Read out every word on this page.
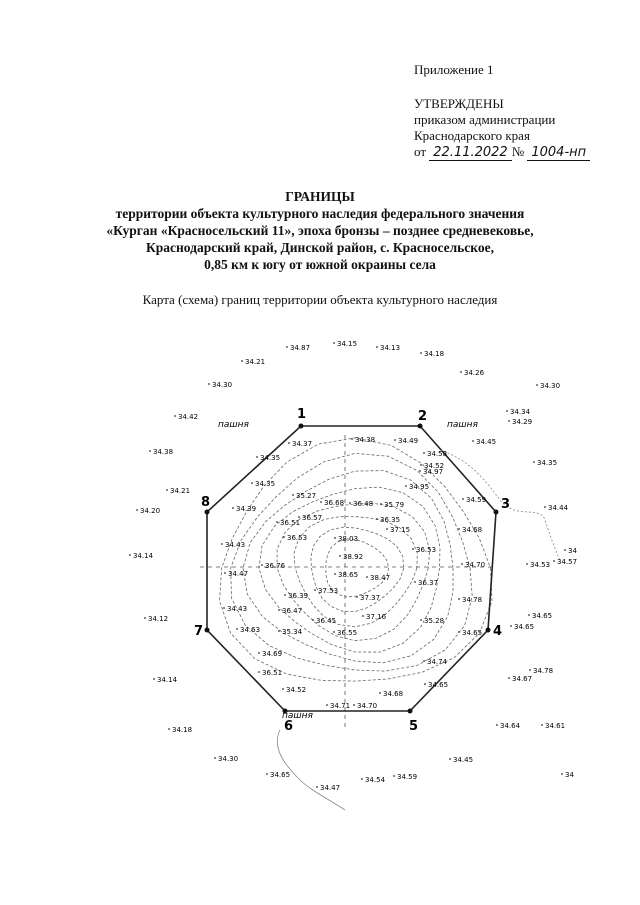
Приложение 1
УТВЕРЖДЕНЫ
приказом администрации
Краснодарского края
от 22.11.2022 № 1004-нп
ГРАНИЦЫ
территории объекта культурного наследия федерального значения
«Курган «Красносельский 11», эпоха бронзы – позднее средневековье,
Краснодарский край, Динской район, с. Красносельское,
0,85 км к югу от южной окраины села
Карта (схема) границ территории объекта культурного наследия
1	2
3
4
5
6
7
8
34.87	34.15	34.13
34.18
34.21
34.26
34.30	34.30
34.34
34.29
34.42
34.45
34.38
34.35
34.21
34.20	34.44
34.14
34.53 34.57
34
34.12	34.65
34.65
34.14	34.67
34.78
34.18	34.64	34.61
34.30
34.65
34.45
34.54 34.59
34.47
34
34.37	34.38	34.49
34.58
34.35
34.52
34.97
34.95
34.35
35.27
36.68 36.48 35.79
34.59
34.39
36.57
36.51	36.35
37.15	34.68
36.53	38.03
36.53
34.43
38.92
34.70
36.76
38.65 38.47
36.37
34.47
37.53
37.37
36.39	34.78
34.43	36.47
36.45	37.16	35.28
34.65
34.63	35.34	36.55
34.69
34.74
36.51
34.65
34.52	34.68
34.71 34.70
пашня	пашня
пашня
